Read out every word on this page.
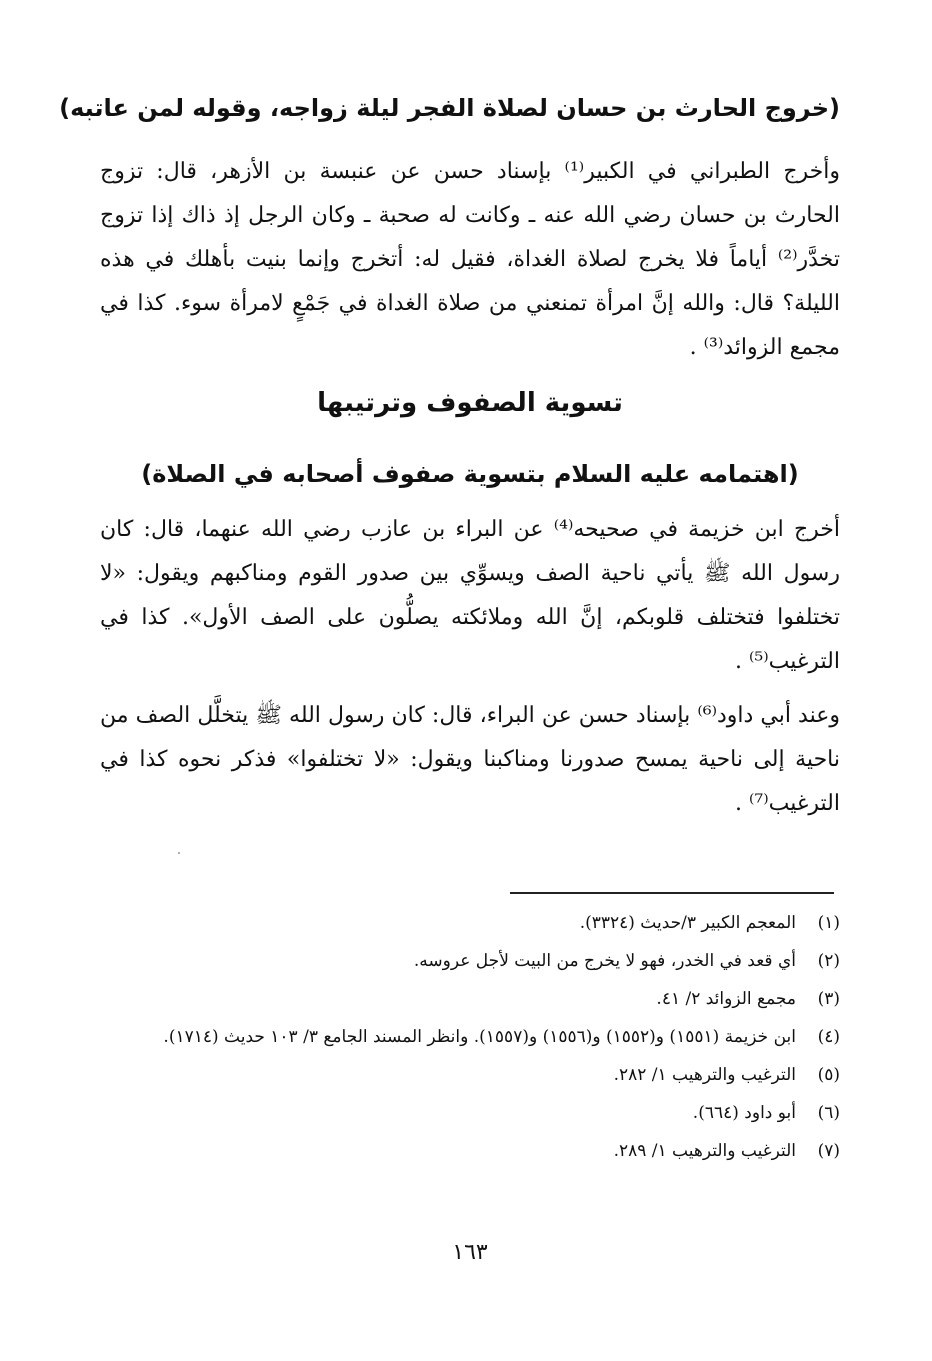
(خروج الحارث بن حسان لصلاة الفجر ليلة زواجه، وقوله لمن عاتبه)
وأخرج الطبراني في الكبير⁽¹⁾ بإسناد حسن عن عنبسة بن الأزهر، قال: تزوج الحارث بن حسان رضي الله عنه ـ وكانت له صحبة ـ وكان الرجل إذ ذاك إذا تزوج تخدَّر⁽²⁾ أياماً فلا يخرج لصلاة الغداة، فقيل له: أتخرج وإنما بنيت بأهلك في هذه الليلة؟ قال: والله إنَّ امرأة تمنعني من صلاة الغداة في جَمْعٍ لامرأة سوء. كذا في مجمع الزوائد⁽³⁾ .
تسوية الصفوف وترتيبها
(اهتمامه عليه السلام بتسوية صفوف أصحابه في الصلاة)
أخرج ابن خزيمة في صحيحه⁽⁴⁾ عن البراء بن عازب رضي الله عنهما، قال: كان رسول الله ﷺ يأتي ناحية الصف ويسوِّي بين صدور القوم ومناكبهم ويقول: «لا تختلفوا فتختلف قلوبكم، إنَّ الله وملائكته يصلُّون على الصف الأول». كذا في الترغيب⁽⁵⁾ .
وعند أبي داود⁽⁶⁾ بإسناد حسن عن البراء، قال: كان رسول الله ﷺ يتخلَّل الصف من ناحية إلى ناحية يمسح صدورنا ومناكبنا ويقول: «لا تختلفوا» فذكر نحوه كذا في الترغيب⁽⁷⁾ .
(١)
المعجم الكبير ٣/حديث (٣٣٢٤).
(٢)
أي قعد في الخدر، فهو لا يخرج من البيت لأجل عروسه.
(٣)
مجمع الزوائد ٢/ ٤١.
(٤)
ابن خزيمة (١٥٥١) و(١٥٥٢) و(١٥٥٦) و(١٥٥٧). وانظر المسند الجامع ٣/ ١٠٣ حديث (١٧١٤).
(٥)
الترغيب والترهيب ١/ ٢٨٢.
(٦)
أبو داود (٦٦٤).
(٧)
الترغيب والترهيب ١/ ٢٨٩.
١٦٣
